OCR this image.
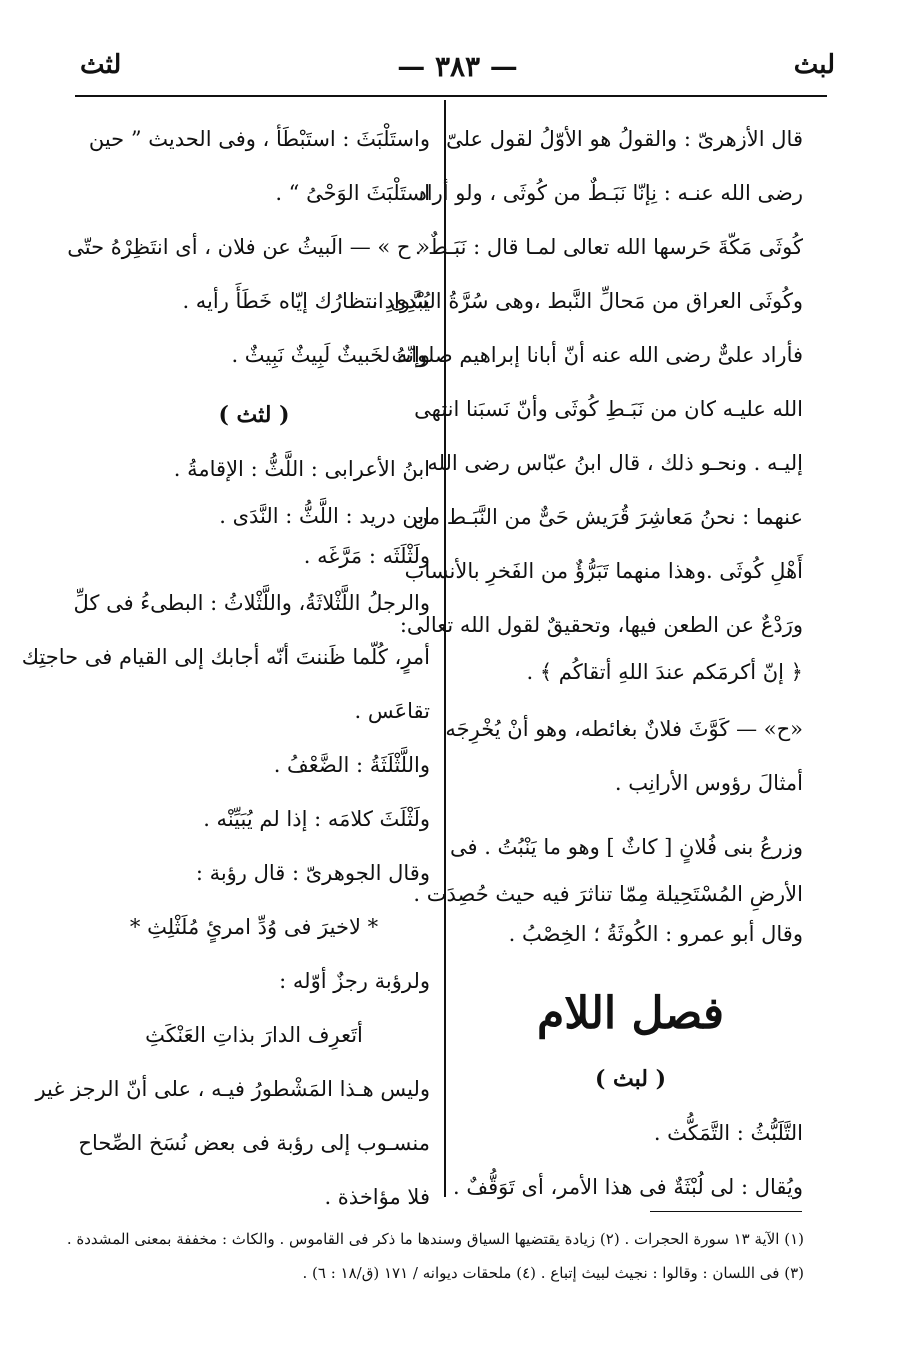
لبث
— ٣٨٣ —
لثث
قال الأزهرىّ : والقولُ هو الأوّلُ لقول علىّ
رضى الله عنـه : نِإنّا نَبَـطٌ من كُوثَى ، ولو أراد
كُوثَى مَكّةَ حَرسها الله تعالى لمـا قال : نَبَـطٌ .
وكُوثَى العراق من مَحالِّ النَّبط ،وهى سُرَّةُ السَّوادِ ،
فأراد علىٌّ رضى الله عنه أنّ أبانا إبراهيم صلواتُ
الله عليـه كان من نَبَـطِ كُوثَى وأنّ نَسبَنا انتهى
إليـه . ونحـو ذلك ، قال ابنُ عبّاس رضى الله
عنهما : نحنُ مَعاشِرَ قُرَيش حَىٌّ من النَّبَـط من
أَهْلِ كُوثَى .وهذا منهما تَبَرُّؤٌ من الفَخرِ بالأنساب
ورَدْعٌ عن الطعن فيها، وتحقيقٌ لقول الله تعالى:
﴿ إنّ أكرمَكم عندَ اللهِ أتقاكُم ﴾ .
«ح» — كَوَّثَ فلانٌ بغائطه، وهو أنْ يُخْرِجَه
أمثالَ رؤوس الأرانِب .
وزرعُ بنى فُلانٍ [ كاثٌ ] وهو ما يَنْبُتُ . فى
الأرضِ المُسْتَحِيلة مِمّا تناثرَ فيه حيث حُصِدَت .
وقال أبو عمرو : الكُوثَةُ ؛ الخِصْبُ .
فصل اللام
( لبث )
التَّلَبُّثُ : التَّمَكُّث .
ويُقال : لى لُبْثَةٌ فى هذا الأمر، أى تَوَقُّفٌ .
واستَلْبَثَ : استَبْطَأ ، وفى الحديث ” حين
استَلْبَثَ الوَحْىُ “ .
« ح » — الَبيثُ عن فلان ، أى انتَظِرْهُ حتّى
يُبْدِى انتظارُك إيّاه خَطَأَ رأيه .
وإنّه لخَبيثٌ لَبِيثٌ نَبِيثٌ .
( لثث )
ابنُ الأعرابى : اللَّثُّ : الإقامةُ .
ابن دريد : اللَّثُّ : النَّدَى .
ولَثْلَثَه : مَرَّغَه .
والرجلُ اللَّثْلاثَةُ، واللَّثْلاثُ : البطىءُ فى كلِّ
أمرٍ، كُلّما ظَننتَ أنّه أجابك إلى القيام فى حاجتِك
تقاعَس .
واللَّثْلَثَةُ : الضَّعْفُ .
ولَثْلَثَ كلامَه : إذا لم يُبَيِّنْه .
وقال الجوهرىّ : قال رؤبة :
* لاخيرَ فى وُدِّ امرئٍ مُلَثْلِثِ *
ولرؤبة رجزٌ أوّله :
أتَعرِف الدارَ بذاتِ العَنْكَثِ
وليس هـذا المَشْطورُ فيـه ، على أنّ الرجز غير
منسـوب إلى رؤبة فى بعض نُسَخ الصِّحاح
فلا مؤاخذة .
(١) الآية ١٣ سورة الحجرات . (٢) زيادة يقتضيها السياق وسندها ما ذكر فى القاموس . والكاث : مخففة بمعنى المشددة .
(٣) فى اللسان : وقالوا : نجيث لبيث إتباع . (٤) ملحقات ديوانه / ١٧١ (ق/١٨ : ٦) .
